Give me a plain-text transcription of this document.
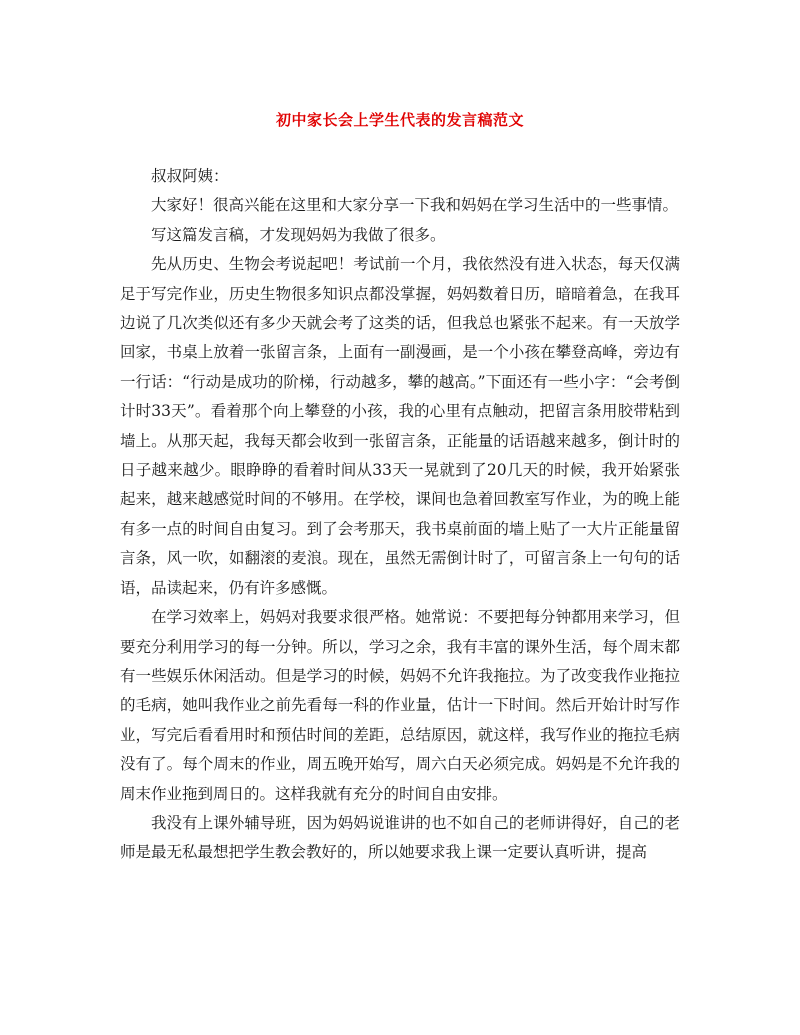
初中家长会上学生代表的发言稿范文

叔叔阿姨：

大家好！很高兴能在这里和大家分享一下我和妈妈在学习生活中的一些事情。

写这篇发言稿，才发现妈妈为我做了很多。

先从历史、生物会考说起吧！考试前一个月，我依然没有进入状态，每天仅满足于写完作业，历史生物很多知识点都没掌握，妈妈数着日历，暗暗着急，在我耳边说了几次类似还有多少天就会考了这类的话，但我总也紧张不起来。有一天放学回家，书桌上放着一张留言条，上面有一副漫画，是一个小孩在攀登高峰，旁边有一行话：“行动是成功的阶梯，行动越多，攀的越高。”下面还有一些小字：“会考倒计时33天”。看着那个向上攀登的小孩，我的心里有点触动，把留言条用胶带粘到墙上。从那天起，我每天都会收到一张留言条，正能量的话语越来越多，倒计时的日子越来越少。眼睁睁的看着时间从33天一晃就到了20几天的时候，我开始紧张起来，越来越感觉时间的不够用。在学校，课间也急着回教室写作业，为的晚上能有多一点的时间自由复习。到了会考那天，我书桌前面的墙上贴了一大片正能量留言条，风一吹，如翻滚的麦浪。现在，虽然无需倒计时了，可留言条上一句句的话语，品读起来，仍有许多感慨。

在学习效率上，妈妈对我要求很严格。她常说：不要把每分钟都用来学习，但要充分利用学习的每一分钟。所以，学习之余，我有丰富的课外生活，每个周末都有一些娱乐休闲活动。但是学习的时候，妈妈不允许我拖拉。为了改变我作业拖拉的毛病，她叫我作业之前先看每一科的作业量，估计一下时间。然后开始计时写作业，写完后看看用时和预估时间的差距，总结原因，就这样，我写作业的拖拉毛病没有了。每个周末的作业，周五晚开始写，周六白天必须完成。妈妈是不允许我的周末作业拖到周日的。这样我就有充分的时间自由安排。

我没有上课外辅导班，因为妈妈说谁讲的也不如自己的老师讲得好，自己的老师是最无私最想把学生教会教好的，所以她要求我上课一定要认真听讲，提高
